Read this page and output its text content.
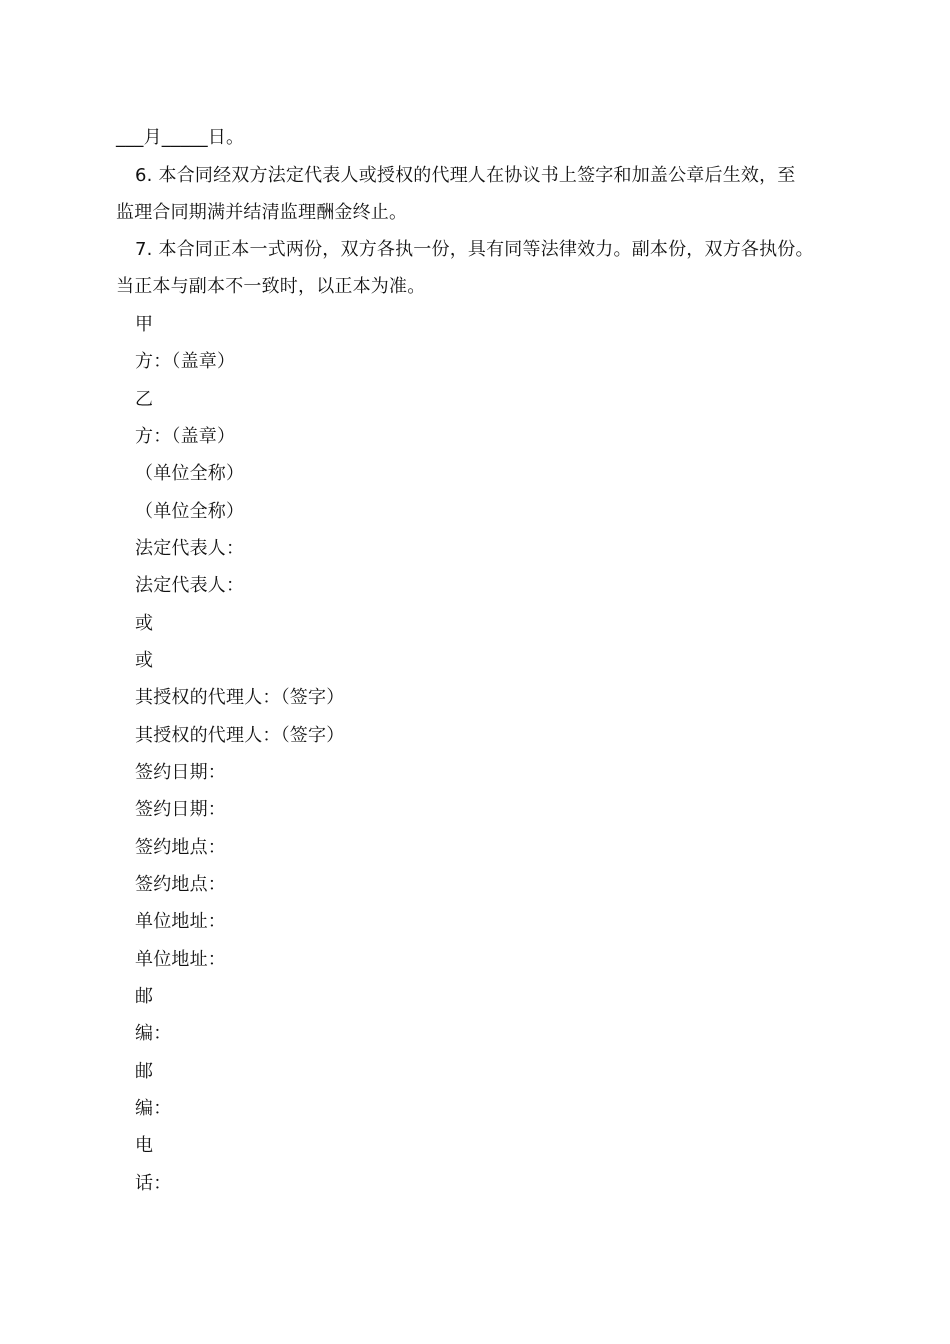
___月_____日。
6. 本合同经双方法定代表人或授权的代理人在协议书上签字和加盖公章后生效，至
监理合同期满并结清监理酬金终止。
7. 本合同正本一式两份，双方各执一份，具有同等法律效力。副本份，双方各执份。
当正本与副本不一致时，以正本为准。
甲
方：（盖章）
乙
方：（盖章）
（单位全称）
（单位全称）
法定代表人：
法定代表人：
或
或
其授权的代理人：（签字）
其授权的代理人：（签字）
签约日期：
签约日期：
签约地点：
签约地点：
单位地址：
单位地址：
邮
编：
邮
编：
电
话：
